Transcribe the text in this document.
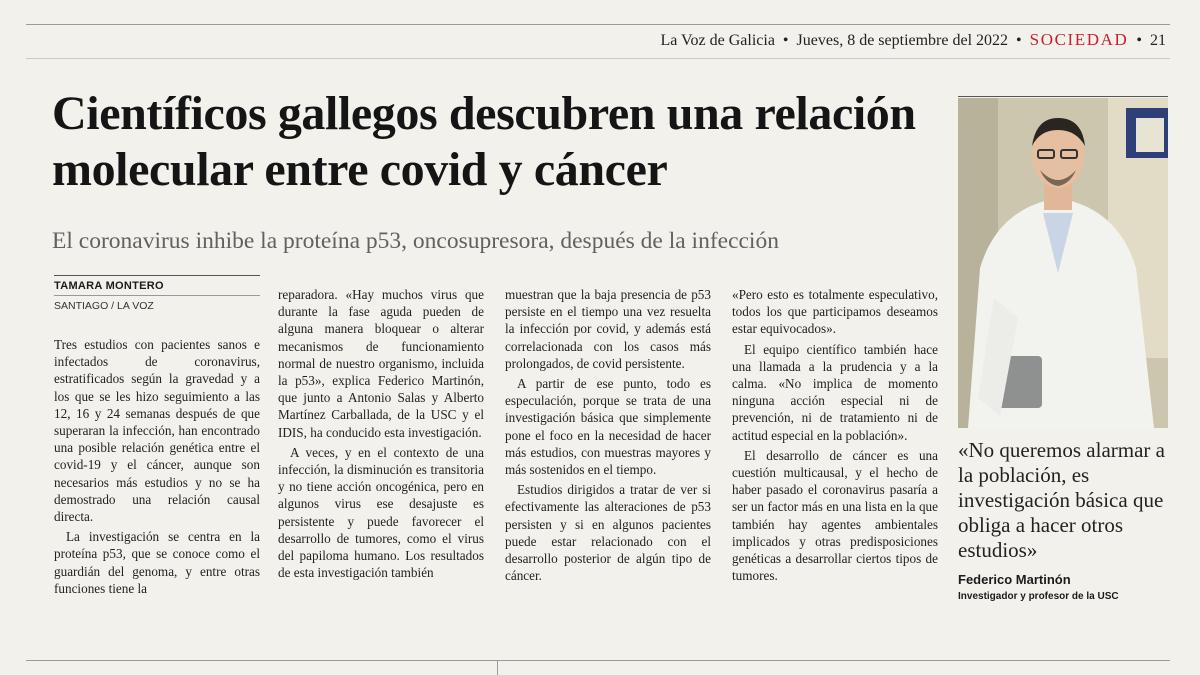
La Voz de Galicia • Jueves, 8 de septiembre del 2022 • SOCIEDAD • 21
Científicos gallegos descubren una relación molecular entre covid y cáncer

El coronavirus inhibe la proteína p53, oncosupresora, después de la infección

TAMARA MONTERO
SANTIAGO / LA VOZ

Tres estudios con pacientes sanos e infectados de coronavirus, estratificados según la gravedad y a los que se les hizo seguimiento a las 12, 16 y 24 semanas después de que superaran la infección, han encontrado una posible relación genética entre el covid-19 y el cáncer, aunque son necesarios más estudios y no se ha demostrado una relación causal directa.

La investigación se centra en la proteína p53, que se conoce como el guardián del genoma, y entre otras funciones tiene la

reparadora. «Hay muchos virus que durante la fase aguda pueden de alguna manera bloquear o alterar mecanismos de funcionamiento normal de nuestro organismo, incluida la p53», explica Federico Martinón, que junto a Antonio Salas y Alberto Martínez Carballada, de la USC y el IDIS, ha conducido esta investigación.

A veces, y en el contexto de una infección, la disminución es transitoria y no tiene acción oncogénica, pero en algunos virus ese desajuste es persistente y puede favorecer el desarrollo de tumores, como el virus del papiloma humano. Los resultados de esta investigación también

muestran que la baja presencia de p53 persiste en el tiempo una vez resuelta la infección por covid, y además está correlacionada con los casos más prolongados, de covid persistente.

A partir de ese punto, todo es especulación, porque se trata de una investigación básica que simplemente pone el foco en la necesidad de hacer más estudios, con muestras mayores y más sostenidos en el tiempo.

Estudios dirigidos a tratar de ver si efectivamente las alteraciones de p53 persisten y si en algunos pacientes puede estar relacionado con el desarrollo posterior de algún tipo de cáncer.

«Pero esto es totalmente especulativo, todos los que participamos deseamos estar equivocados».

El equipo científico también hace una llamada a la prudencia y a la calma. «No implica de momento ninguna acción especial ni de prevención, ni de tratamiento ni de actitud especial en la población».

El desarrollo de cáncer es una cuestión multicausal, y el hecho de haber pasado el coronavirus pasaría a ser un factor más en una lista en la que también hay agentes ambientales implicados y otras predisposiciones genéticas a desarrollar ciertos tipos de tumores.

«No queremos alarmar a la población, es investigación básica que obliga a hacer otros estudios»

Federico Martinón
Investigador y profesor de la USC
